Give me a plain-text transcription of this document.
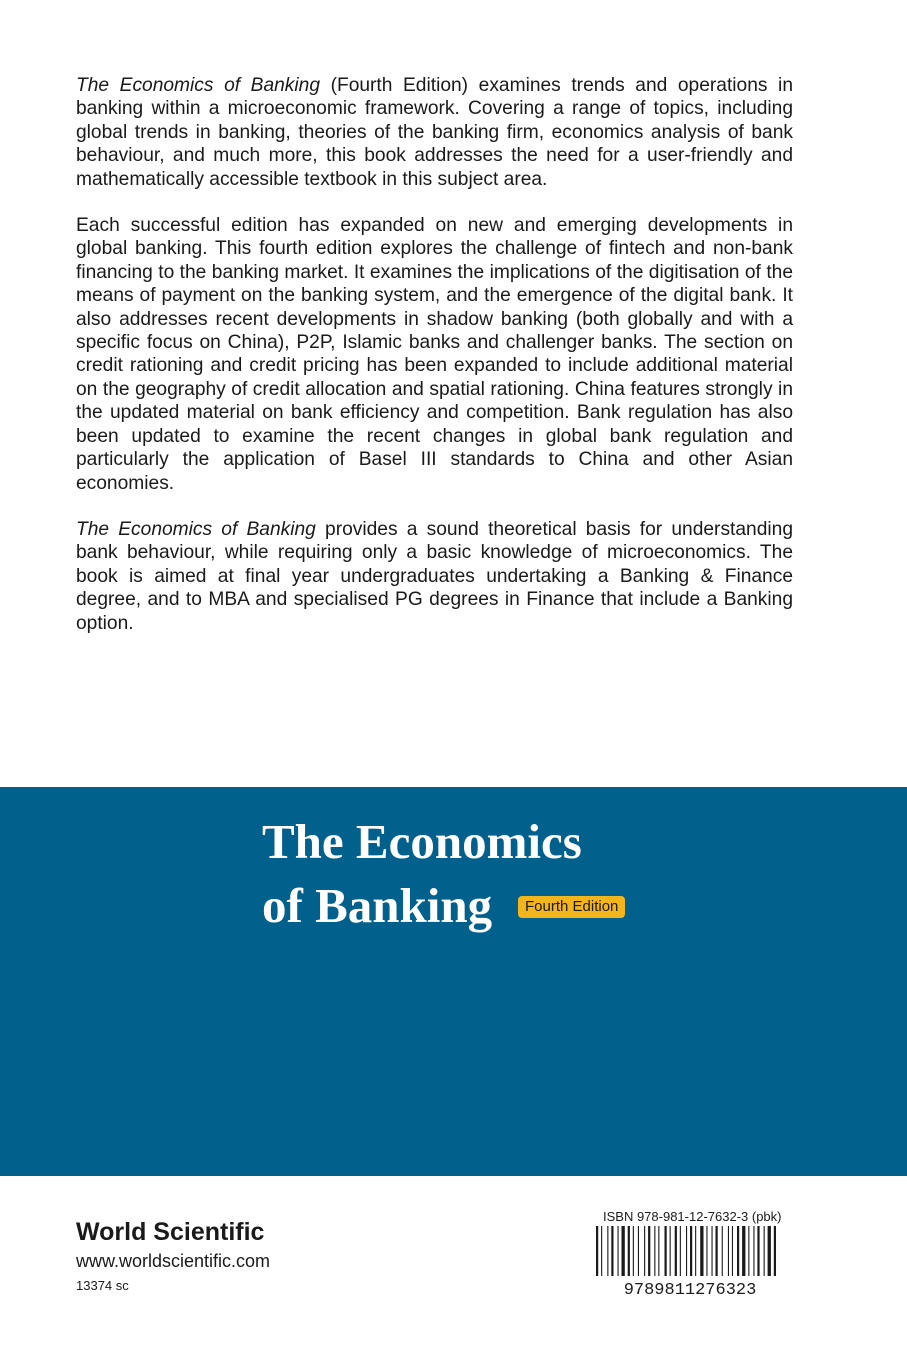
The Economics of Banking (Fourth Edition) examines trends and operations in banking within a microeconomic framework. Covering a range of topics, including global trends in banking, theories of the banking firm, economics analysis of bank behaviour, and much more, this book addresses the need for a user-friendly and mathematically accessible textbook in this subject area.

Each successful edition has expanded on new and emerging developments in global banking. This fourth edition explores the challenge of fintech and non-bank financing to the banking market. It examines the implications of the digitisation of the means of payment on the banking system, and the emergence of the digital bank. It also addresses recent developments in shadow banking (both globally and with a specific focus on China), P2P, Islamic banks and challenger banks. The section on credit rationing and credit pricing has been expanded to include additional material on the geography of credit allocation and spatial rationing. China features strongly in the updated material on bank efficiency and competition. Bank regulation has also been updated to examine the recent changes in global bank regulation and particularly the application of Basel III standards to China and other Asian economies.

The Economics of Banking provides a sound theoretical basis for understanding bank behaviour, while requiring only a basic knowledge of microeconomics. The book is aimed at final year undergraduates undertaking a Banking & Finance degree, and to MBA and specialised PG degrees in Finance that include a Banking option.

The Economics
of Banking	Fourth Edition
World Scientific
www.worldscientific.com
13374 sc
ISBN 978-981-12-7632-3 (pbk)
9789811276323
